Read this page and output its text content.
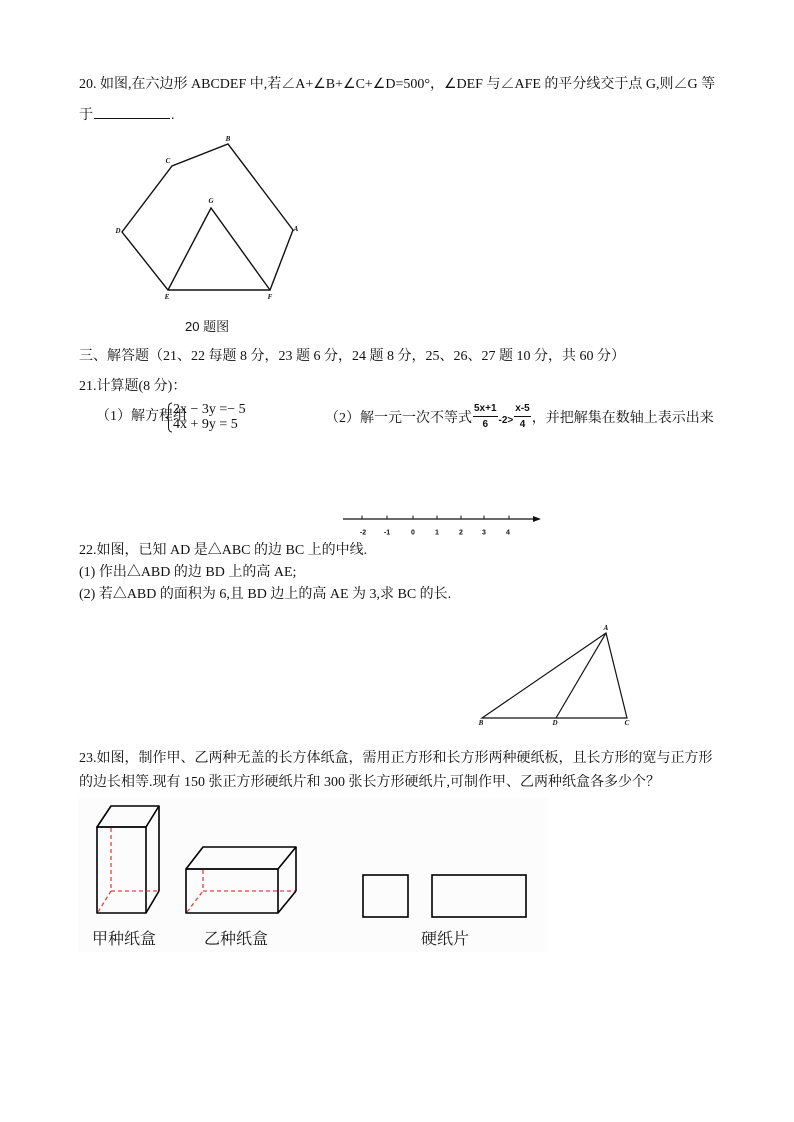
20. 如图,在六边形 ABCDEF 中,若∠A+∠B+∠C+∠D=500°，∠DEF 与∠AFE 的平分线交于点 G,则∠G 等
于	.
A
B
C
D
E	F
G
20 题图
三、解答题（21、22 每题 8 分，23 题 6 分，24 题 8 分，25、26、27 题 10 分，共 60 分）
21.计算题(8 分)：
（1）解方程组
2x − 3y =− 5
4x + 9y = 5	（2）解一元一次不等式 $\frac{5x+1}{6} -2> \frac{x-5}{4}$ ，并把解集在数轴上表示出来
-2	-1	0	1	2	3	4
22.如图，已知 AD 是△ABC 的边 BC 上的中线.
(1) 作出△ABD 的边 BD 上的高 AE;
(2) 若△ABD 的面积为 6,且 BD 边上的高 AE 为 3,求 BC 的长.
A
B	D	C
23.如图，制作甲、乙两种无盖的长方体纸盒，需用正方形和长方形两种硬纸板，且长方形的宽与正方形
的边长相等.现有 150 张正方形硬纸片和 300 张长方形硬纸片,可制作甲、乙两种纸盒各多少个？
甲种纸盒	乙种纸盒	硬纸片
